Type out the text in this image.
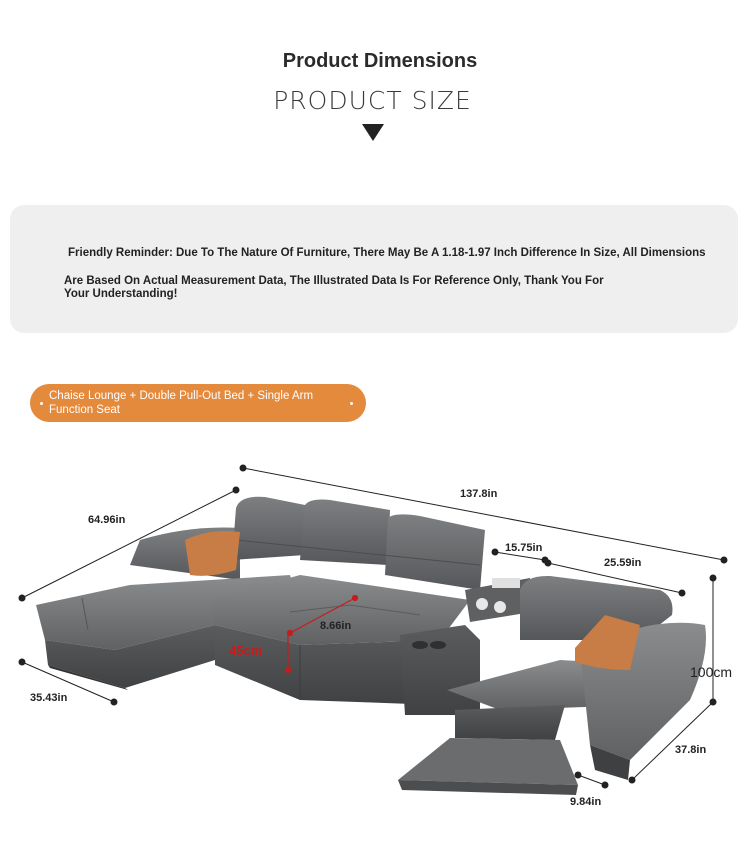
Product Dimensions
PRODUCT SIZE

Friendly Reminder: Due To The Nature Of Furniture, There May Be A 1.18-1.97 Inch Difference In Size, All Dimensions

Are Based On Actual Measurement Data, The Illustrated Data Is For Reference Only, Thank You For Your Understanding!

Chaise Lounge + Double Pull-Out Bed + Single Arm Function Seat
137.8in
64.96in
35.43in
15.75in
25.59in
8.66in
45cm
100cm
37.8in
9.84in
